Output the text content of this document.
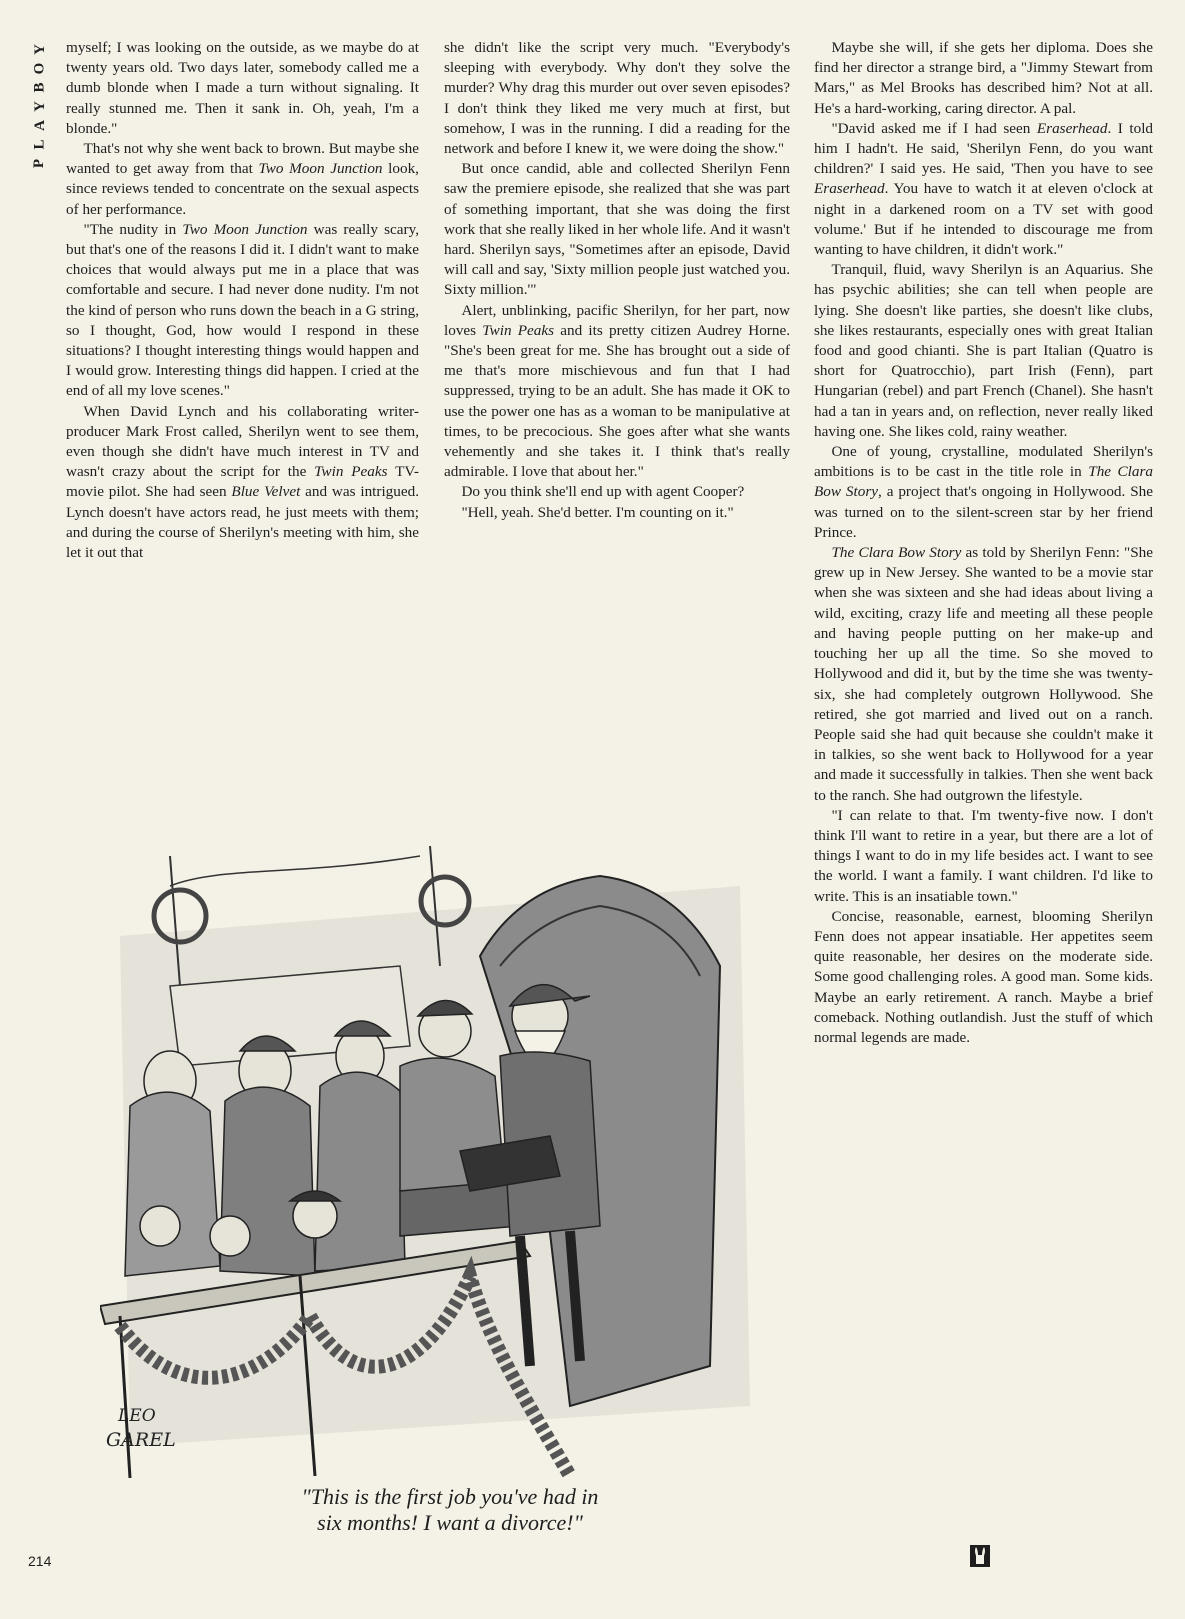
Y
O
B
Y
A
L
P

myself; I was looking on the outside, as we maybe do at twenty years old. Two days later, somebody called me a dumb blonde when I made a turn without signaling. It really stunned me. Then it sank in. Oh, yeah, I'm a blonde."

That's not why she went back to brown. But maybe she wanted to get away from that Two Moon Junction look, since reviews tended to concentrate on the sexual aspects of her performance.

"The nudity in Two Moon Junction was really scary, but that's one of the reasons I did it. I didn't want to make choices that would always put me in a place that was comfortable and secure. I had never done nudity. I'm not the kind of person who runs down the beach in a G string, so I thought, God, how would I respond in these situations? I thought interesting things would happen and I would grow. Interesting things did happen. I cried at the end of all my love scenes."

When David Lynch and his collaborating writer-producer Mark Frost called, Sherilyn went to see them, even though she didn't have much interest in TV and wasn't crazy about the script for the Twin Peaks TV-movie pilot. She had seen Blue Velvet and was intrigued. Lynch doesn't have actors read, he just meets with them; and during the course of Sherilyn's meeting with him, she let it out that

she didn't like the script very much. "Everybody's sleeping with everybody. Why don't they solve the murder? Why drag this murder out over seven episodes? I don't think they liked me very much at first, but somehow, I was in the running. I did a reading for the network and before I knew it, we were doing the show."

But once candid, able and collected Sherilyn Fenn saw the premiere episode, she realized that she was part of something important, that she was doing the first work that she really liked in her whole life. And it wasn't hard. Sherilyn says, "Sometimes after an episode, David will call and say, 'Sixty million people just watched you. Sixty million.'"

Alert, unblinking, pacific Sherilyn, for her part, now loves Twin Peaks and its pretty citizen Audrey Horne. "She's been great for me. She has brought out a side of me that's more mischievous and fun that I had suppressed, trying to be an adult. She has made it OK to use the power one has as a woman to be manipulative at times, to be precocious. She goes after what she wants vehemently and she takes it. I think that's really admirable. I love that about her."

Do you think she'll end up with agent Cooper?

"Hell, yeah. She'd better. I'm counting on it."

Maybe she will, if she gets her diploma. Does she find her director a strange bird, a "Jimmy Stewart from Mars," as Mel Brooks has described him? Not at all. He's a hard-working, caring director. A pal.

"David asked me if I had seen Eraserhead. I told him I hadn't. He said, 'Sherilyn Fenn, do you want children?' I said yes. He said, 'Then you have to see Eraserhead. You have to watch it at eleven o'clock at night in a darkened room on a TV set with good volume.' But if he intended to discourage me from wanting to have children, it didn't work."

Tranquil, fluid, wavy Sherilyn is an Aquarius. She has psychic abilities; she can tell when people are lying. She doesn't like parties, she doesn't like clubs, she likes restaurants, especially ones with great Italian food and good chianti. She is part Italian (Quatro is short for Quatrocchio), part Irish (Fenn), part Hungarian (rebel) and part French (Chanel). She hasn't had a tan in years and, on reflection, never really liked having one. She likes cold, rainy weather.

One of young, crystalline, modulated Sherilyn's ambitions is to be cast in the title role in The Clara Bow Story, a project that's ongoing in Hollywood. She was turned on to the silent-screen star by her friend Prince.

The Clara Bow Story as told by Sherilyn Fenn: "She grew up in New Jersey. She wanted to be a movie star when she was sixteen and she had ideas about living a wild, exciting, crazy life and meeting all these people and having people putting on her make-up and touching her up all the time. So she moved to Hollywood and did it, but by the time she was twenty-six, she had completely outgrown Hollywood. She retired, she got married and lived out on a ranch. People said she had quit because she couldn't make it in talkies, so she went back to Hollywood for a year and made it successfully in talkies. Then she went back to the ranch. She had outgrown the lifestyle.

"I can relate to that. I'm twenty-five now. I don't think I'll want to retire in a year, but there are a lot of things I want to do in my life besides act. I want to see the world. I want a family. I want children. I'd like to write. This is an insatiable town."

Concise, reasonable, earnest, blooming Sherilyn Fenn does not appear insatiable. Her appetites seem quite reasonable, her desires on the moderate side. Some good challenging roles. A good man. Some kids. Maybe an early retirement. A ranch. Maybe a brief comeback. Nothing outlandish. Just the stuff of which normal legends are made.

LEO
GAREL
"This is the first job you've had in
six months! I want a divorce!"
214
